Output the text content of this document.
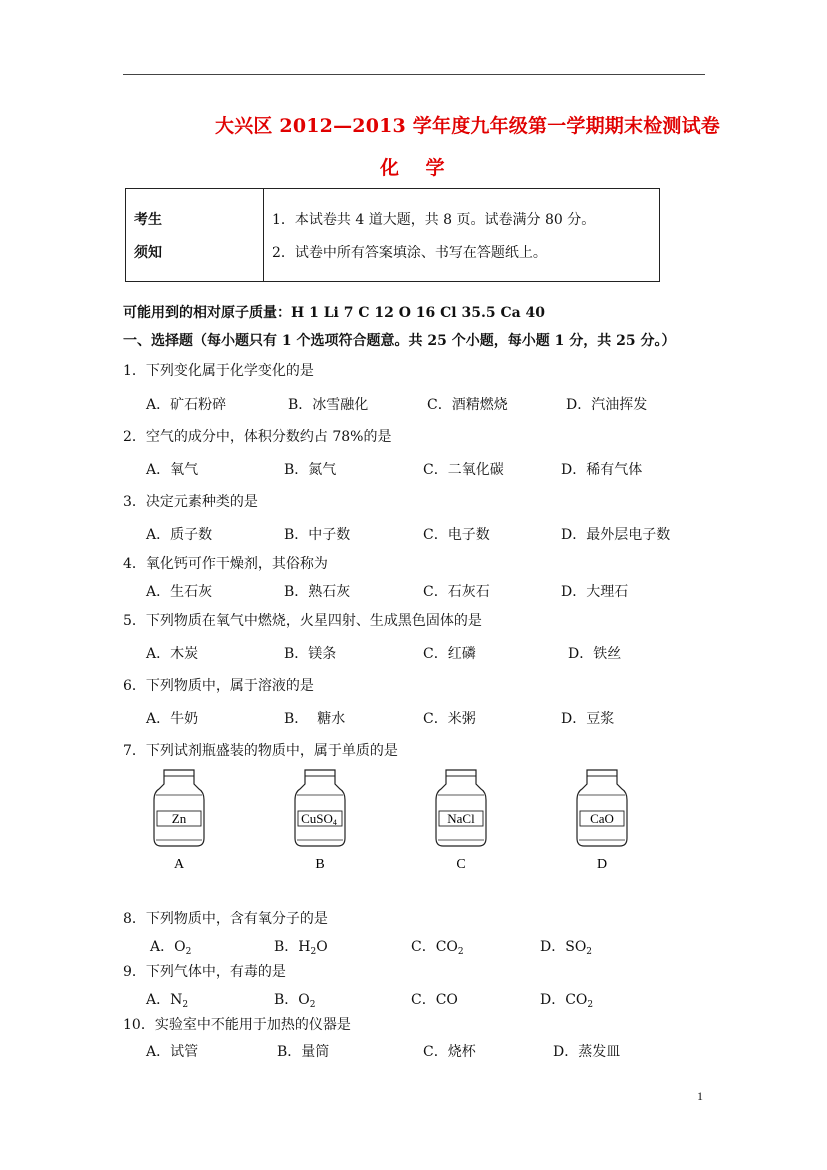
大兴区 2012—2013 学年度九年级第一学期期末检测试卷
化    学
考生
须知
1．本试卷共 4 道大题，共 8 页。试卷满分 80 分。
2．试卷中所有答案填涂、书写在答题纸上。
可能用到的相对原子质量：H 1 Li 7 C 12 O 16 Cl 35.5 Ca 40
一、选择题（每小题只有 1 个选项符合题意。共 25 个小题，每小题 1 分，共 25 分。）
1．下列变化属于化学变化的是
A．矿石粉碎	B．冰雪融化	C．酒精燃烧	D．汽油挥发
2．空气的成分中，体积分数约占 78%的是
A．氧气	B．氮气	C．二氧化碳	D．稀有气体
3．决定元素种类的是
A．质子数	B．中子数	C．电子数	D．最外层电子数
4．氧化钙可作干燥剂，其俗称为
A．生石灰	B．熟石灰	C．石灰石	D．大理石
5．下列物质在氧气中燃烧，火星四射、生成黑色固体的是
A．木炭	B．镁条	C．红磷	D．铁丝
6．下列物质中，属于溶液的是
A．牛奶	B．  糖水	C．米粥	D．豆浆
7．下列试剂瓶盛装的物质中，属于单质的是
Zn
A
CuSO4
B
NaCl
C
CaO
D
8．下列物质中，含有氧分子的是
A．$O_2$	B．$H_2O$	C．$CO_2$	D．$SO_2$
9．下列气体中，有毒的是
A．$N_2$	B．$O_2$	C．CO	D．$CO_2$
10．实验室中不能用于加热的仪器是
A．试管	B．量筒	C．烧杯	D．蒸发皿
1
